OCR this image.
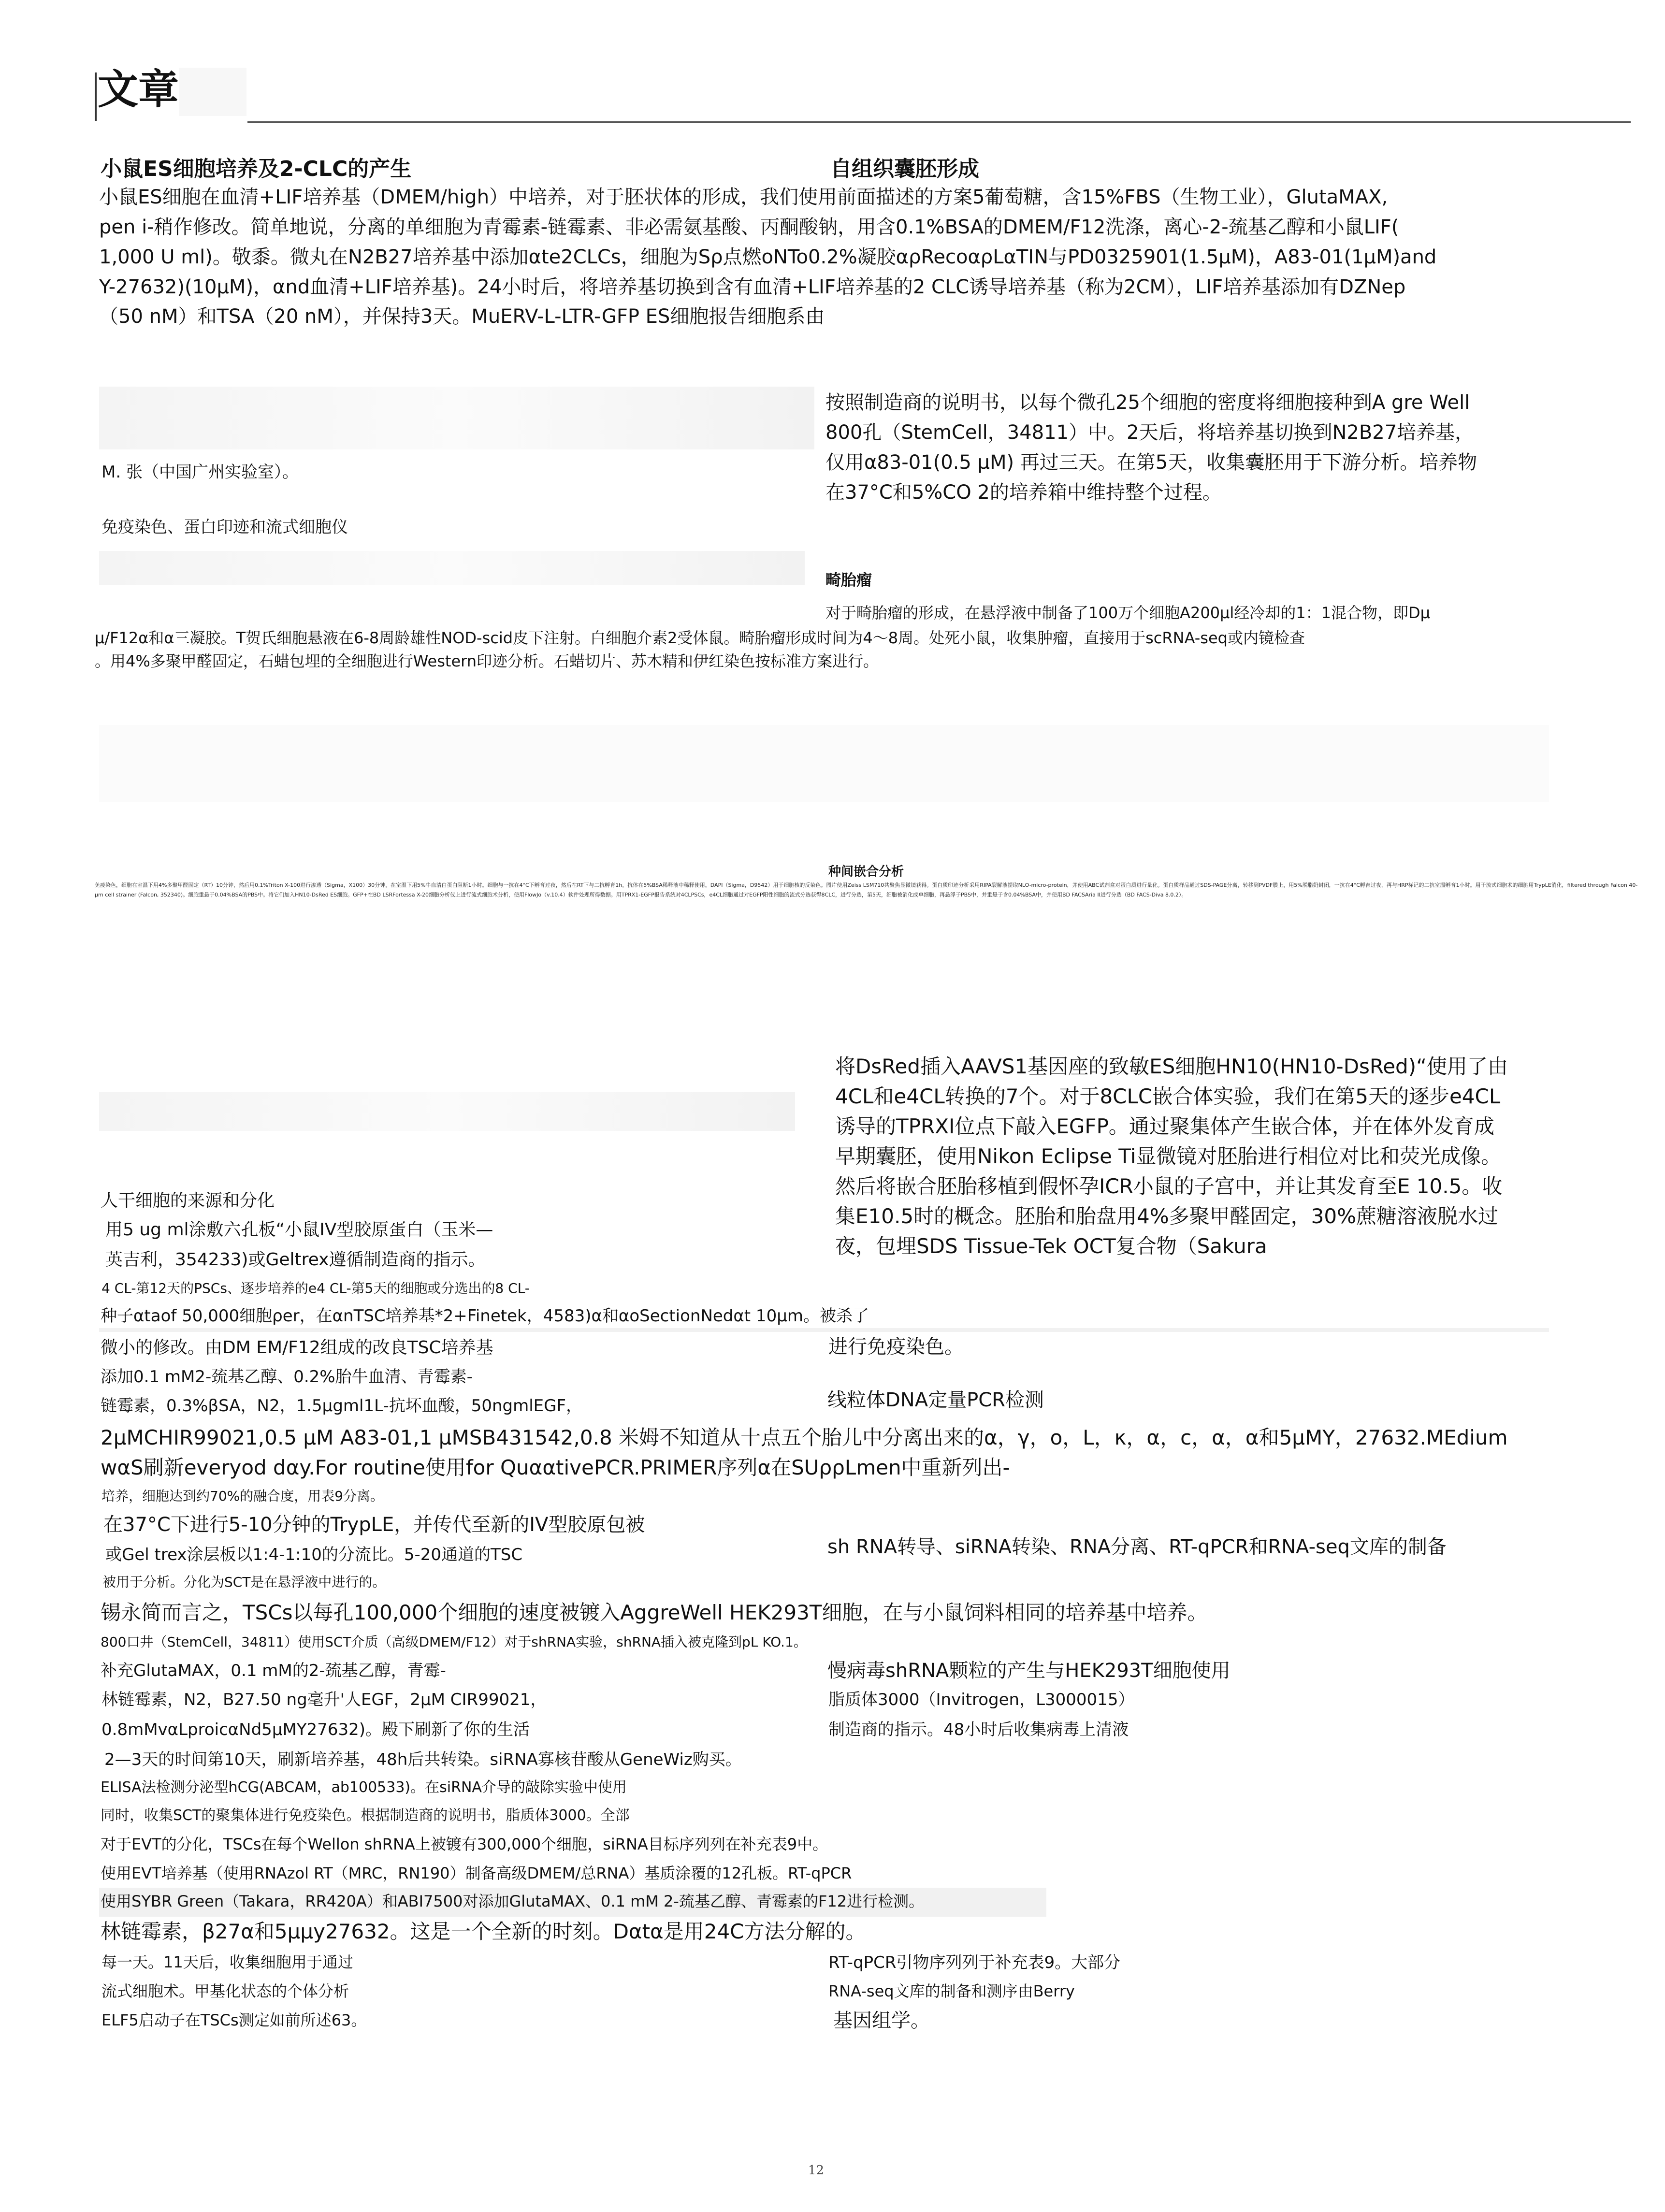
文章
小鼠ES细胞培养及2-CLC的产生	自组织囊胚形成
小鼠ES细胞在血清+LIF培养基（DMEM/high）中培养，对于胚状体的形成，我们使用前面描述的方案5葡萄糖，含15%FBS（生物工业），GlutaMAX,
pen i-稍作修改。简单地说，分离的单细胞为青霉素-链霉素、非必需氨基酸、丙酮酸钠，用含0.1%BSA的DMEM/F12洗涤，离心-2-巯基乙醇和小鼠LIF(
1,000 U ml)。敬黍。微丸在N2B27培养基中添加αte2CLCs，细胞为Sρ点燃oNTo0.2%凝胶αρRecoαρLαTIN与PD0325901(1.5μM)，A83-01(1μM)and
Y-27632)(10μM)，αnd血清+LIF培养基)。24小时后，将培养基切换到含有血清+LIF培养基的2 CLC诱导培养基（称为2CM），LIF培养基添加有DZNep
（50 nM）和TSA（20 nM），并保持3天。MuERV-L-LTR-GFP ES细胞报告细胞系由
按照制造商的说明书，以每个微孔25个细胞的密度将细胞接种到A gre Well
800孔（StemCell，34811）中。2天后，将培养基切换到N2B27培养基，
仅用α83-01(0.5 μM) 再过三天。在第5天，收集囊胚用于下游分析。培养物
在37°C和5%CO 2的培养箱中维持整个过程。
M. 张（中国广州实验室）。
免疫染色、蛋白印迹和流式细胞仪
畸胎瘤
对于畸胎瘤的形成，在悬浮液中制备了100万个细胞A200μl经冷却的1：1混合物，即Dμ
μ/F12α和α三凝胶。T贺氏细胞悬液在6-8周龄雄性NOD-scid皮下注射。白细胞介素2受体鼠。畸胎瘤形成时间为4～8周。处死小鼠，收集肿瘤，直接用于scRNA-seq或内镜检查
。用4%多聚甲醛固定，石蜡包埋的全细胞进行Western印迹分析。石蜡切片、苏木精和伊红染色按标准方案进行。
种间嵌合分析
免疫染色，细胞在室温下用4%多聚甲醛固定（RT）10分钟，然后用0.1%Triton X-100进行渗透（Sigma，X100）30分钟，在室温下用5%牛血清白蛋白阻断1小时。细胞与一抗在4°C下孵育过夜，然后在RT下与二抗孵育1h。抗体在5%BSA稀释液中稀释使用。DAPI（Sigma，D9542）用于细胞核的反染色。图片使用Zeiss LSM710共聚焦显微镜获得。蛋白质印迹分析采用RIPA裂解液提取NLO-micro-protein，并使用ABC试剂盒对蛋白质进行量化。蛋白质样品通过SDS-PAGE分离，转移到PVDF膜上，用5%脱脂奶封闭，一抗在4°C孵育过夜，再与HRP标记的二抗室温孵育1小时。用于流式细胞术的细胞用TrypLE消化，filtered through Falcon 40-μm cell strainer (Falcon, 352340)。细胞重悬于0.04%BSA的PBS中。将它们加入HN10-DsRed ES细胞。GFP+在BD LSRFortessa X-20细胞分析仪上进行流式细胞术分析，使用FlowJo（v.10.4）软件处理所得数据。用TPRX1-EGFP报告系统对4CLPSCs，e4CL细胞通过对EGFP阳性细胞的流式分选获得8CLC，进行分选，第5天，细胞被消化成单细胞，再悬浮于PBS中，并重悬于含0.04%BSA中，并使用BD FACSAria II进行分选（BD FACS-Diva 8.0.2）。
将DsRed插入AAVS1基因座的致敏ES细胞HN10(HN10-DsRed)“使用了由
4CL和e4CL转换的7个。对于8CLC嵌合体实验，我们在第5天的逐步e4CL
诱导的TPRXI位点下敲入EGFP。通过聚集体产生嵌合体，并在体外发育成
早期囊胚，使用Nikon Eclipse Ti显微镜对胚胎进行相位对比和荧光成像。
然后将嵌合胚胎移植到假怀孕ICR小鼠的子宫中，并让其发育至E 10.5。收
集E10.5时的概念。胚胎和胎盘用4%多聚甲醛固定，30%蔗糖溶液脱水过
夜，包埋SDS Tissue-Tek OCT复合物（Sakura
人干细胞的来源和分化
用5 ug ml涂敷六孔板“小鼠IV型胶原蛋白（玉米—
英吉利，354233)或Geltrex遵循制造商的指示。
4 CL-第12天的PSCs、逐步培养的e4 CL-第5天的细胞或分选出的8 CL-
种子αtaof 50,000细胞ρer，在αnTSC培养基*2+Finetek，4583)α和αoSectionNedαt 10μm。被杀了
微小的修改。由DM EM/F12组成的改良TSC培养基
添加0.1 mM2-巯基乙醇、0.2%胎牛血清、青霉素-
链霉素，0.3%βSA，N2，1.5μgml1L-抗坏血酸，50ngmlEGF，
2μMCHIR99021,0.5 μM A83-01,1 μMSB431542,0.8 米姆不知道从十点五个胎儿中分离出来的α，γ，o，L，κ，α，c，α，α和5μMY，27632.MEdium
wαS刷新everyod dαy.For routine使用for QuααtivePCR.PRIMER序列α在SUρρLmen中重新列出-
培养，细胞达到约70%的融合度，用表9分离。
在37°C下进行5-10分钟的TrypLE，并传代至新的IV型胶原包被
或Gel trex涂层板以1:4-1:10的分流比。5-20通道的TSC
被用于分析。分化为SCT是在悬浮液中进行的。
锡永简而言之，TSCs以每孔100,000个细胞的速度被镀入AggreWell HEK293T细胞，在与小鼠饲料相同的培养基中培养。
800口井（StemCell，34811）使用SCT介质（高级DMEM/F12）对于shRNA实验，shRNA插入被克隆到pL KO.1。
补充GlutaMAX，0.1 mM的2-巯基乙醇，青霉-
林链霉素，N2，B27.50 ng毫升'人EGF，2μM CIR99021，
0.8mMvαLproicαNd5μMY27632)。殿下刷新了你的生活
2—3天的时间第10天，刷新培养基，48h后共转染。siRNA寡核苷酸从GeneWiz购买。
ELISA法检测分泌型hCG(ABCAM，ab100533)。在siRNA介导的敲除实验中使用
同时，收集SCT的聚集体进行免疫染色。根据制造商的说明书，脂质体3000。全部
对于EVT的分化，TSCs在每个Wellon shRNA上被镀有300,000个细胞，siRNA目标序列列在补充表9中。
使用EVT培养基（使用RNAzol RT（MRC，RN190）制备高级DMEM/总RNA）基质涂覆的12孔板。RT-qPCR
使用SYBR Green（Takara，RR420A）和ABI7500对添加GlutaMAX、0.1 mM 2-巯基乙醇、青霉素的F12进行检测。
林链霉素，β27α和5μμy27632。这是一个全新的时刻。Dαtα是用24C方法分解的。
每一天。11天后，收集细胞用于通过
流式细胞术。甲基化状态的个体分析
ELF5启动子在TSCs测定如前所述63。
进行免疫染色。
线粒体DNA定量PCR检测
sh RNA转导、siRNA转染、RNA分离、RT-qPCR和RNA-seq文库的制备
慢病毒shRNA颗粒的产生与HEK293T细胞使用
脂质体3000（Invitrogen，L3000015）
制造商的指示。48小时后收集病毒上清液
RT-qPCR引物序列列于补充表9。大部分
RNA-seq文库的制备和测序由Berry
基因组学。
12
